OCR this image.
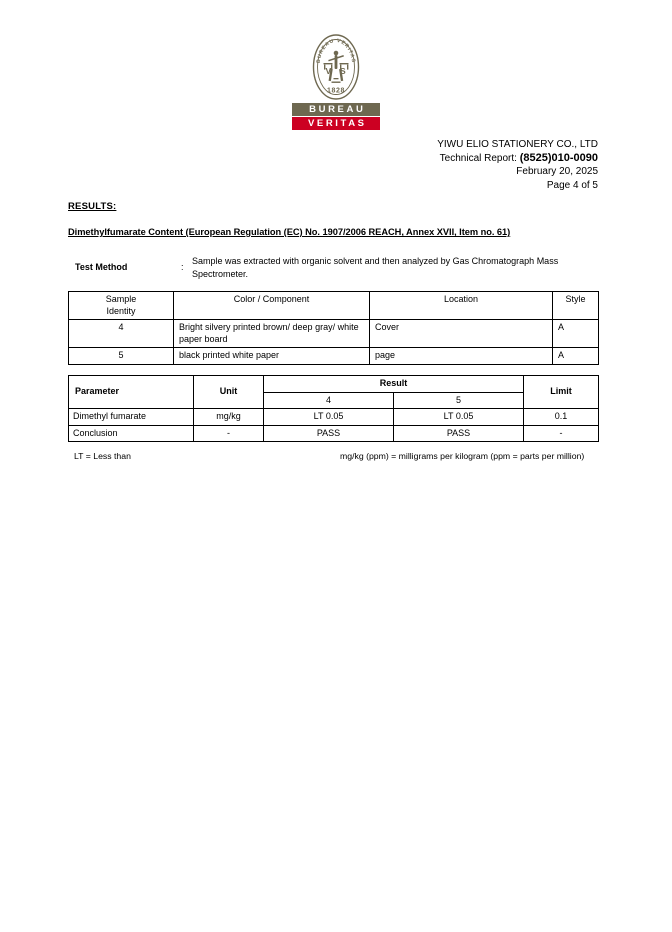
BUREAU VERITAS
V S
1828
BUREAU
VERITAS
YIWU ELIO STATIONERY CO., LTD
Technical Report: (8525)010-0090
February 20, 2025
Page 4 of 5
RESULTS:
Dimethylfumarate Content (European Regulation (EC) No. 1907/2006 REACH, Annex XVII, Item no. 61)
Test Method	:
Sample was extracted with organic solvent and then analyzed by Gas Chromatograph Mass Spectrometer.
Sample
Identity	Color / Component	Location	Style
4	Bright silvery printed brown/ deep gray/ white paper board	Cover	A
5	black printed white paper	page	A
Parameter	Unit	Result		Limit
		4	5	
Dimethyl fumarate	mg/kg	LT 0.05	LT 0.05	0.1
Conclusion	-	PASS	PASS	-
LT = Less than	mg/kg (ppm) = milligrams per kilogram (ppm = parts per million)
